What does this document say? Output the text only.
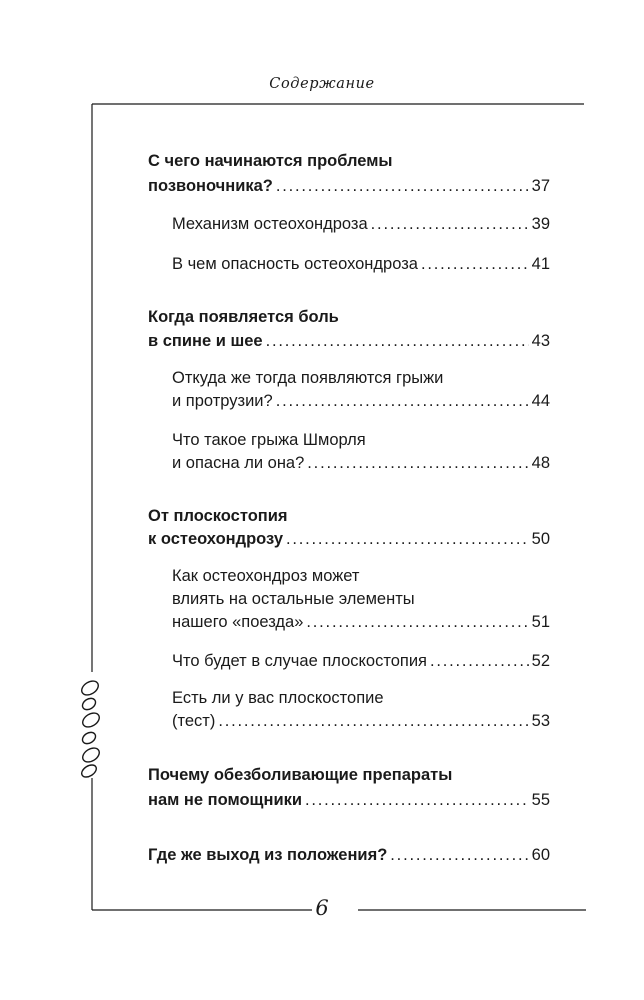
Содержание
6
С чего начинаются проблемы
позвоночника? .....	37
Механизм остеохондроза .....	39
В чем опасность остеохондроза .....	41
Когда появляется боль
в спине и шее .....	43
Откуда же тогда появляются грыжи
и протрузии? .....	44
Что такое грыжа Шморля
и опасна ли она? .....	48
От плоскостопия
к остеохондрозу .....	50
Как остеохондроз может
влиять на остальные элементы
нашего «поезда» .....	51
Что будет в случае плоскостопия .....	52
Есть ли у вас плоскостопие
(тест) .....	53
Почему обезболивающие препараты
нам не помощники .....	55
Где же выход из положения? .....	60
